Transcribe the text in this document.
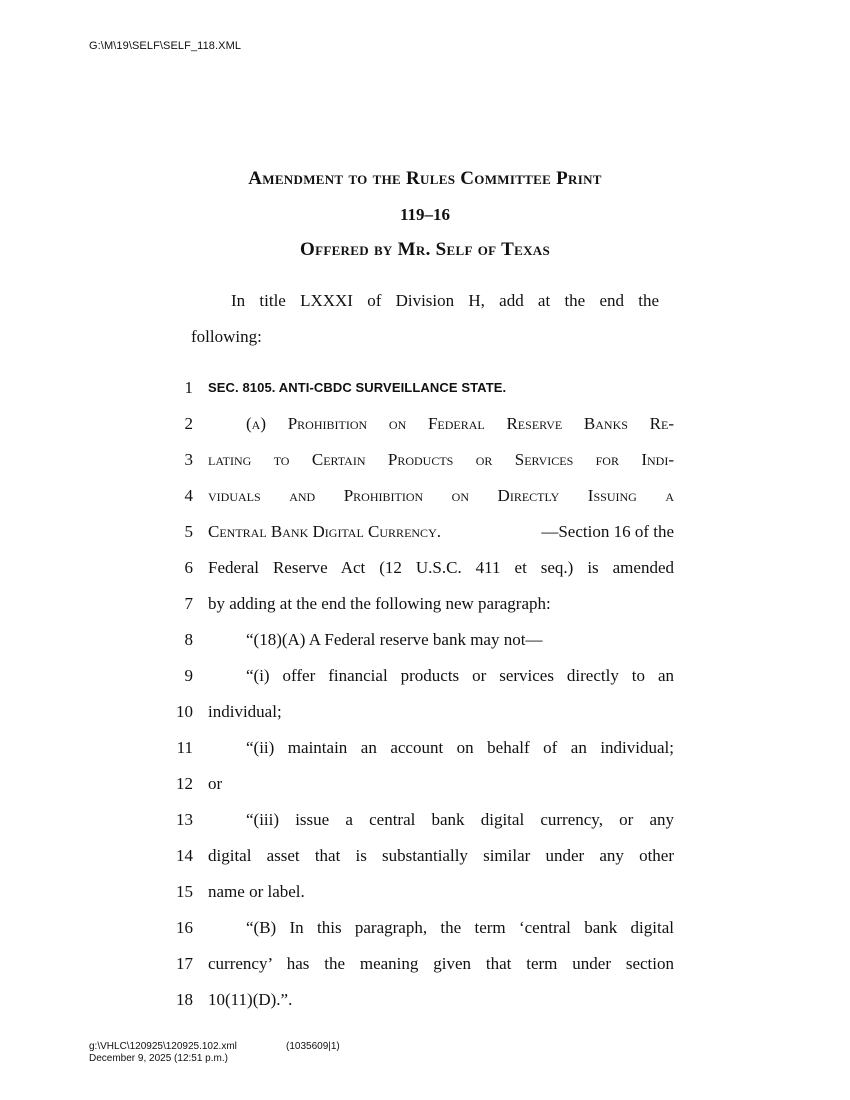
G:\M\19\SELF\SELF_118.XML
Amendment to the Rules Committee Print
119–16
Offered by Mr. Self of Texas
In title LXXXI of Division H, add at the end the
following:
1 SEC. 8105. ANTI-CBDC SURVEILLANCE STATE.
2	(a) Prohibition on Federal Reserve Banks Re-
3 lating to Certain Products or Services for Indi-
4 viduals and Prohibition on Directly Issuing a
5 Central Bank Digital Currency.	—Section 16 of the
6 Federal Reserve Act (12 U.S.C. 411 et seq.) is amended
7 by adding at the end the following new paragraph:
8	“(18)(A) A Federal reserve bank may not—
9	“(i) offer financial products or services directly to an
10 individual;
11	“(ii) maintain an account on behalf of an individual;
12 or
13	“(iii) issue a central bank digital currency, or any
14 digital asset that is substantially similar under any other
15 name or label.
16	“(B) In this paragraph, the term ‘central bank digital
17 currency’ has the meaning given that term under section
18 10(11)(D).”.
g:\VHLC\120925\120925.102.xml
December 9, 2025 (12:51 p.m.)
(1035609|1)
